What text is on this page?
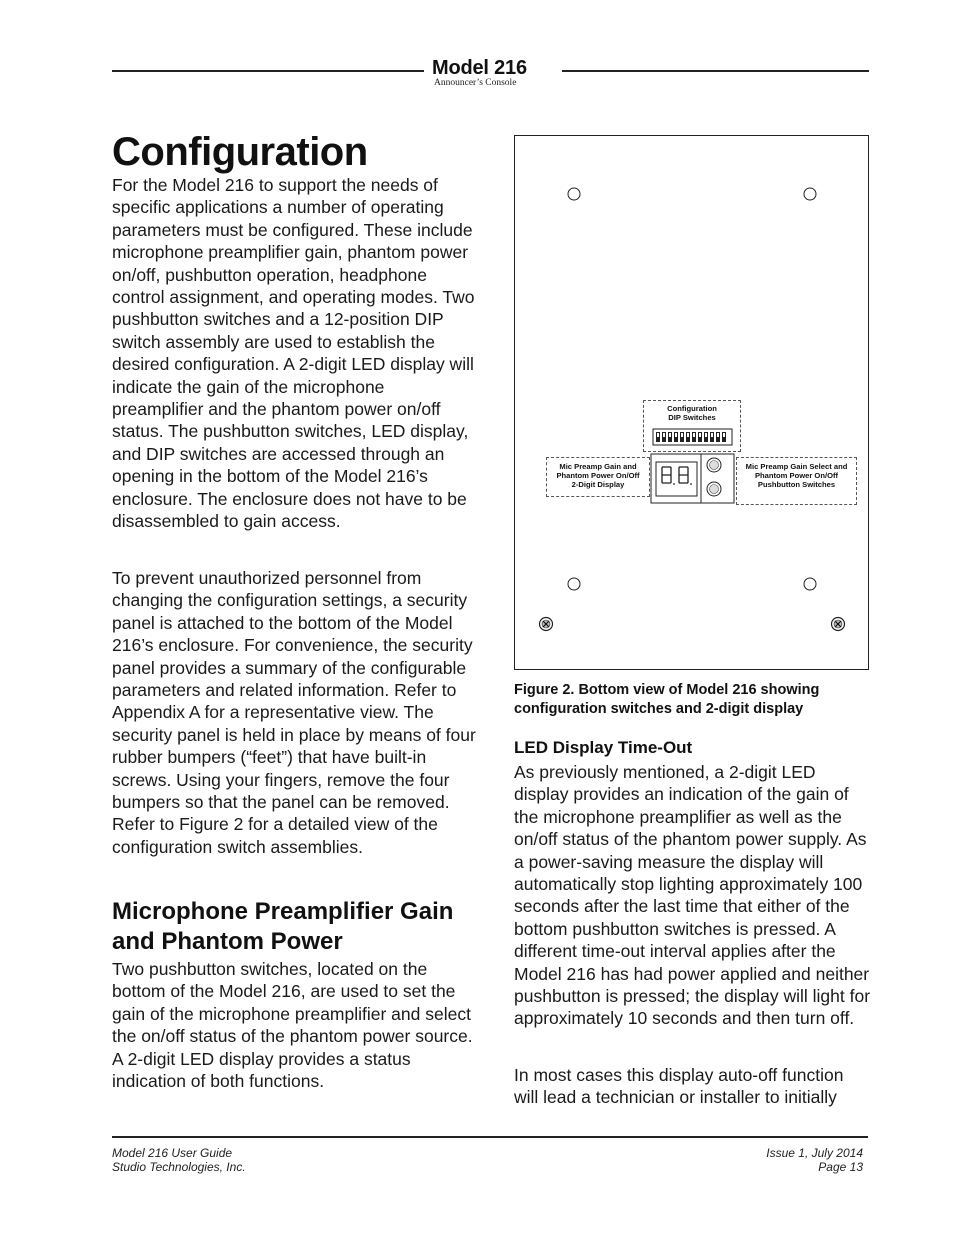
Model 216
Announcer’s Console
Configuration

For the Model 216 to support the needs of specific applications a number of operating parameters must be configured. These include microphone preamplifier gain, phantom power on/off, pushbutton operation, headphone control assignment, and operating modes. Two pushbutton switches and a 12-position DIP switch assembly are used to establish the desired configuration. A 2-digit LED display will indicate the gain of the microphone preamplifier and the phantom power on/off status. The pushbutton switches, LED display, and DIP switches are accessed through an opening in the bottom of the Model 216’s enclosure. The enclosure does not have to be disassembled to gain access.

To prevent unauthorized personnel from changing the configuration settings, a security panel is attached to the bottom of the Model 216’s enclosure. For convenience, the security panel provides a summary of the configurable parameters and related information. Refer to Appendix A for a representative view. The security panel is held in place by means of four rubber bumpers (“feet”) that have built-in screws. Using your fingers, remove the four bumpers so that the panel can be removed. Refer to Figure 2 for a detailed view of the configuration switch assemblies.

Microphone Preamplifier Gain and Phantom Power

Two pushbutton switches, located on the bottom of the Model 216, are used to set the gain of the microphone preamplifier and select the on/off status of the phantom power source. A 2-digit LED display provides a status indication of both functions.

Configuration
DIP Switches
Mic Preamp Gain and
Phantom Power On/Off
2-Digit Display
Mic Preamp Gain Select and
Phantom Power On/Off
Pushbutton Switches

Figure 2. Bottom view of Model 216 showing configuration switches and 2-digit display

LED Display Time-Out

As previously mentioned, a 2-digit LED display provides an indication of the gain of the microphone preamplifier as well as the on/off status of the phantom power supply. As a power-saving measure the display will automatically stop lighting approximately 100 seconds after the last time that either of the bottom pushbutton switches is pressed. A different time-out interval applies after the Model 216 has had power applied and neither pushbutton is pressed; the display will light for approximately 10 seconds and then turn off.

In most cases this display auto-off function will lead a technician or installer to initially

Model 216 User Guide
Studio Technologies, Inc.
Issue 1, July 2014
Page 13
